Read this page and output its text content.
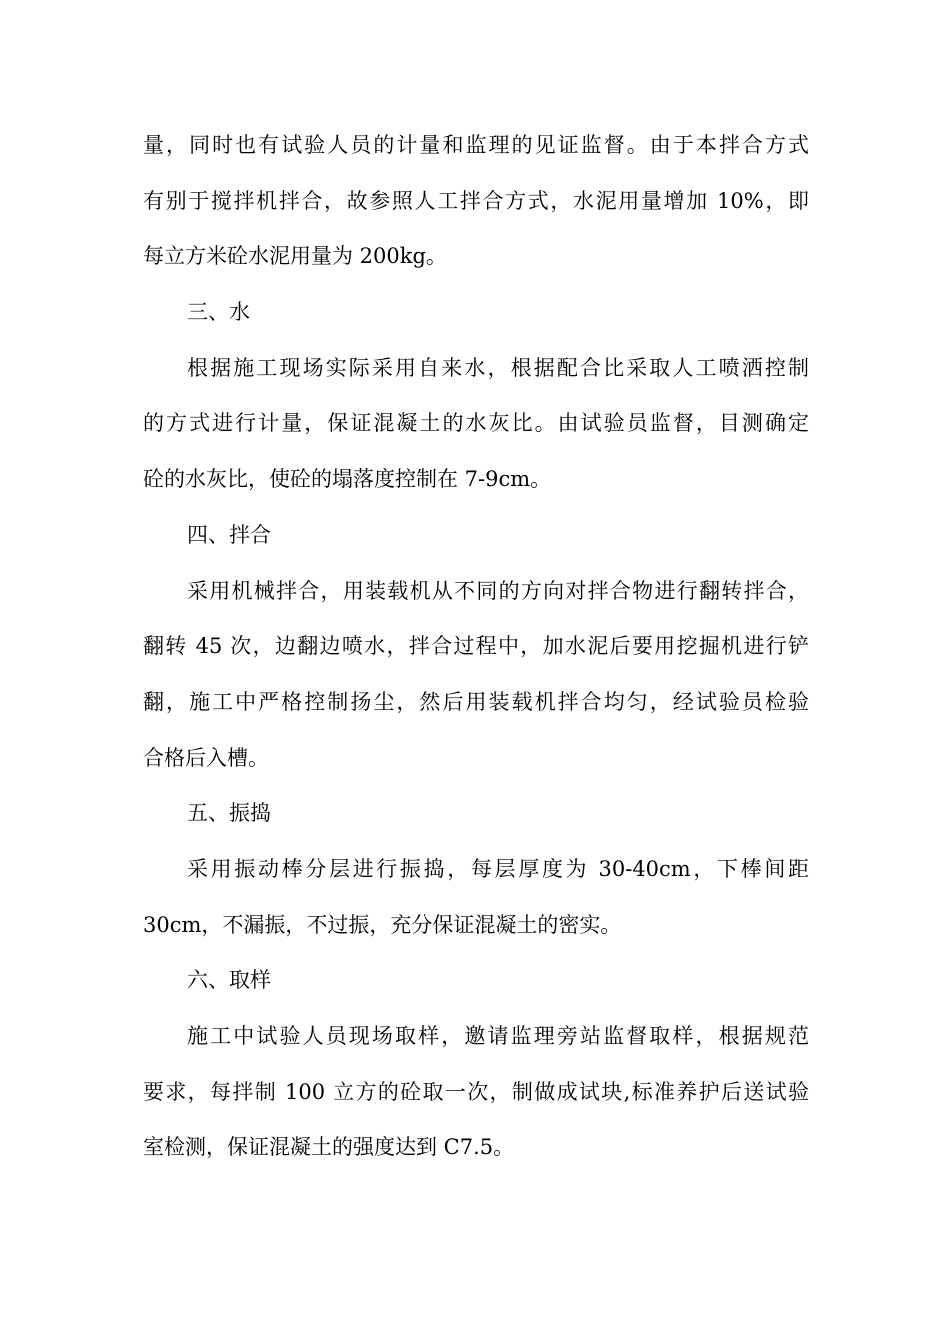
量，同时也有试验人员的计量和监理的见证监督。由于本拌合方式
有别于搅拌机拌合，故参照人工拌合方式，水泥用量增加 10%，即
每立方米砼水泥用量为 200kg。
三、水
根据施工现场实际采用自来水，根据配合比采取人工喷洒控制
的方式进行计量，保证混凝土的水灰比。由试验员监督，目测确定
砼的水灰比，使砼的塌落度控制在 7-9cm。
四、拌合
采用机械拌合，用装载机从不同的方向对拌合物进行翻转拌合，
翻转 45 次，边翻边喷水，拌合过程中，加水泥后要用挖掘机进行铲
翻，施工中严格控制扬尘，然后用装载机拌合均匀，经试验员检验
合格后入槽。
五、振捣
采用振动棒分层进行振捣，每层厚度为 30-40cm，下棒间距
30cm，不漏振，不过振，充分保证混凝土的密实。
六、取样
施工中试验人员现场取样，邀请监理旁站监督取样，根据规范
要求，每拌制 100 立方的砼取一次，制做成试块,标准养护后送试验
室检测，保证混凝土的强度达到 C7.5。
